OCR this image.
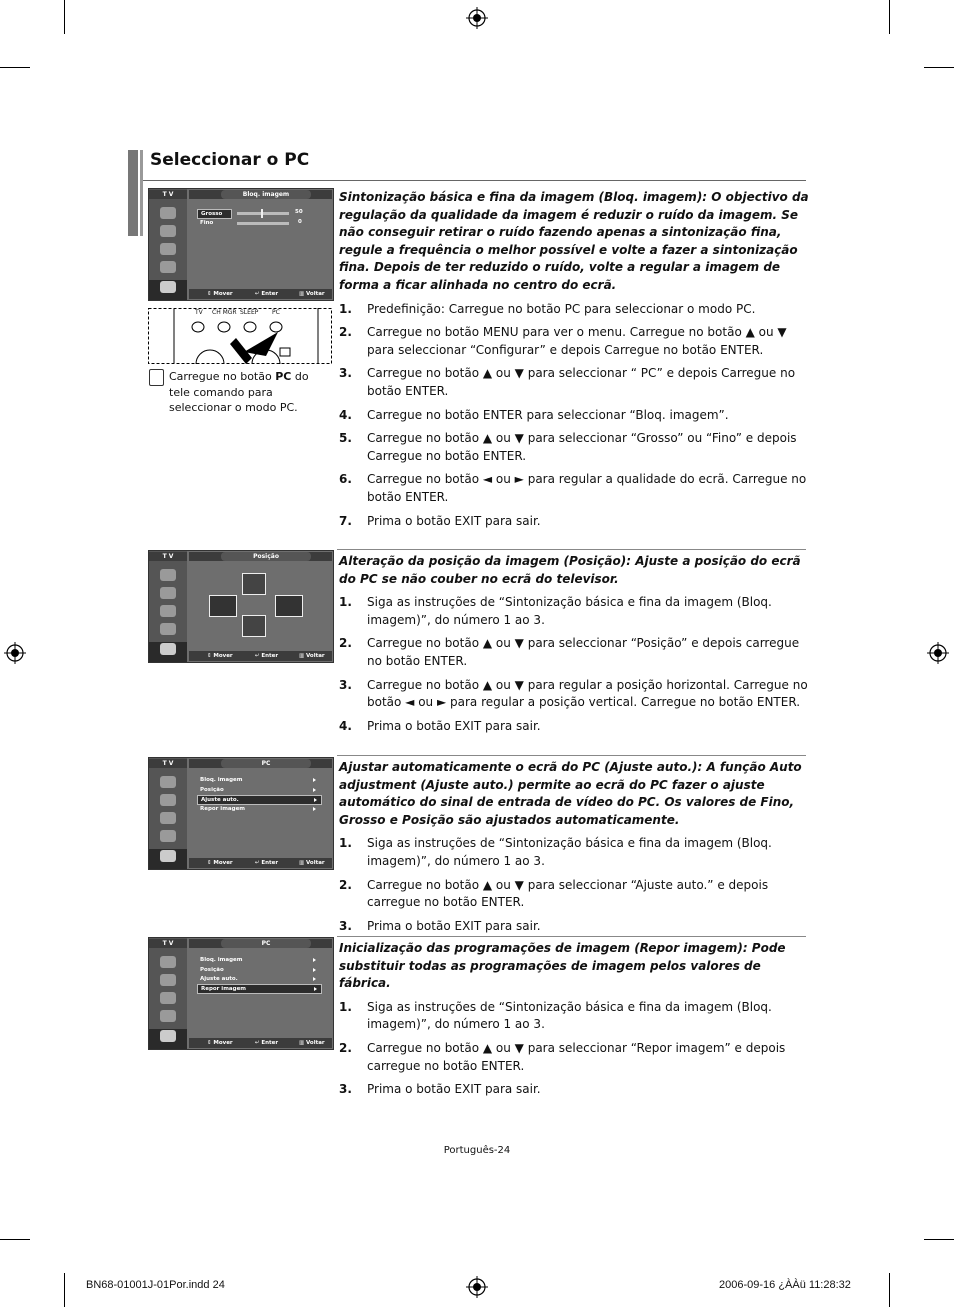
Seleccionar o PC
T V	Bloq. imagem
Grosso	50
Fino	0
⇕ Mover	↵ Enter	▥ Voltar
TV CH MGR SLEEP PC
Carregue no botão PC do tele comando para seleccionar o modo PC.
T V	Posição
⇕ Mover	↵ Enter	▥ Voltar
T V	PC
Bloq. imagem
Posição
Ajuste auto.
Repor imagem
⇕ Mover	↵ Enter	▥ Voltar
T V	PC
Bloq. imagem
Posição
Ajuste auto.
Repor imagem
⇕ Mover	↵ Enter	▥ Voltar

Sintonização básica e fina da imagem (Bloq. imagem): O objectivo da regulação da qualidade da imagem é reduzir o ruído da imagem. Se não conseguir retirar o ruído fazendo apenas a sintonização fina, regule a frequência o melhor possível e volte a fazer a sintonização fina. Depois de ter reduzido o ruído, volte a regular a imagem de forma a ficar alinhada no centro do ecrã.

1. Predefinição: Carregue no botão PC para seleccionar o modo PC.
2. Carregue no botão MENU para ver o menu. Carregue no botão ▲ ou ▼ para seleccionar “Configurar” e depois Carregue no botão ENTER.
3. Carregue no botão ▲ ou ▼ para seleccionar “ PC” e depois Carregue no botão ENTER.
4. Carregue no botão ENTER para seleccionar “Bloq. imagem”.
5. Carregue no botão ▲ ou ▼ para seleccionar “Grosso” ou “Fino” e depois Carregue no botão ENTER.
6. Carregue no botão ◄ ou ► para regular a qualidade do ecrã. Carregue no botão ENTER.
7. Prima o botão EXIT para sair.

Alteração da posição da imagem (Posição): Ajuste a posição do ecrã do PC se não couber no ecrã do televisor.

1. Siga as instruções de “Sintonização básica e fina da imagem (Bloq. imagem)”, do número 1 ao 3.
2. Carregue no botão ▲ ou ▼ para seleccionar “Posição” e depois carregue no botão ENTER.
3. Carregue no botão ▲ ou ▼ para regular a posição horizontal. Carregue no botão ◄ ou ► para regular a posição vertical. Carregue no botão ENTER.
4. Prima o botão EXIT para sair.

Ajustar automaticamente o ecrã do PC (Ajuste auto.): A função Auto adjustment (Ajuste auto.) permite ao ecrã do PC fazer o ajuste automático do sinal de entrada de vídeo do PC. Os valores de Fino, Grosso e Posição são ajustados automaticamente.

1. Siga as instruções de “Sintonização básica e fina da imagem (Bloq. imagem)”, do número 1 ao 3.
2. Carregue no botão ▲ ou ▼ para seleccionar “Ajuste auto.” e depois carregue no botão ENTER.
3. Prima o botão EXIT para sair.

Inicialização das programações de imagem (Repor imagem): Pode substituir todas as programações de imagem pelos valores de fábrica.

1. Siga as instruções de “Sintonização básica e fina da imagem (Bloq. imagem)”, do número 1 ao 3.
2. Carregue no botão ▲ ou ▼ para seleccionar “Repor imagem” e depois carregue no botão ENTER.
3. Prima o botão EXIT para sair.
Português-24
BN68-01001J-01Por.indd 24	2006-09-16 ¿ÀÀü 11:28:32
